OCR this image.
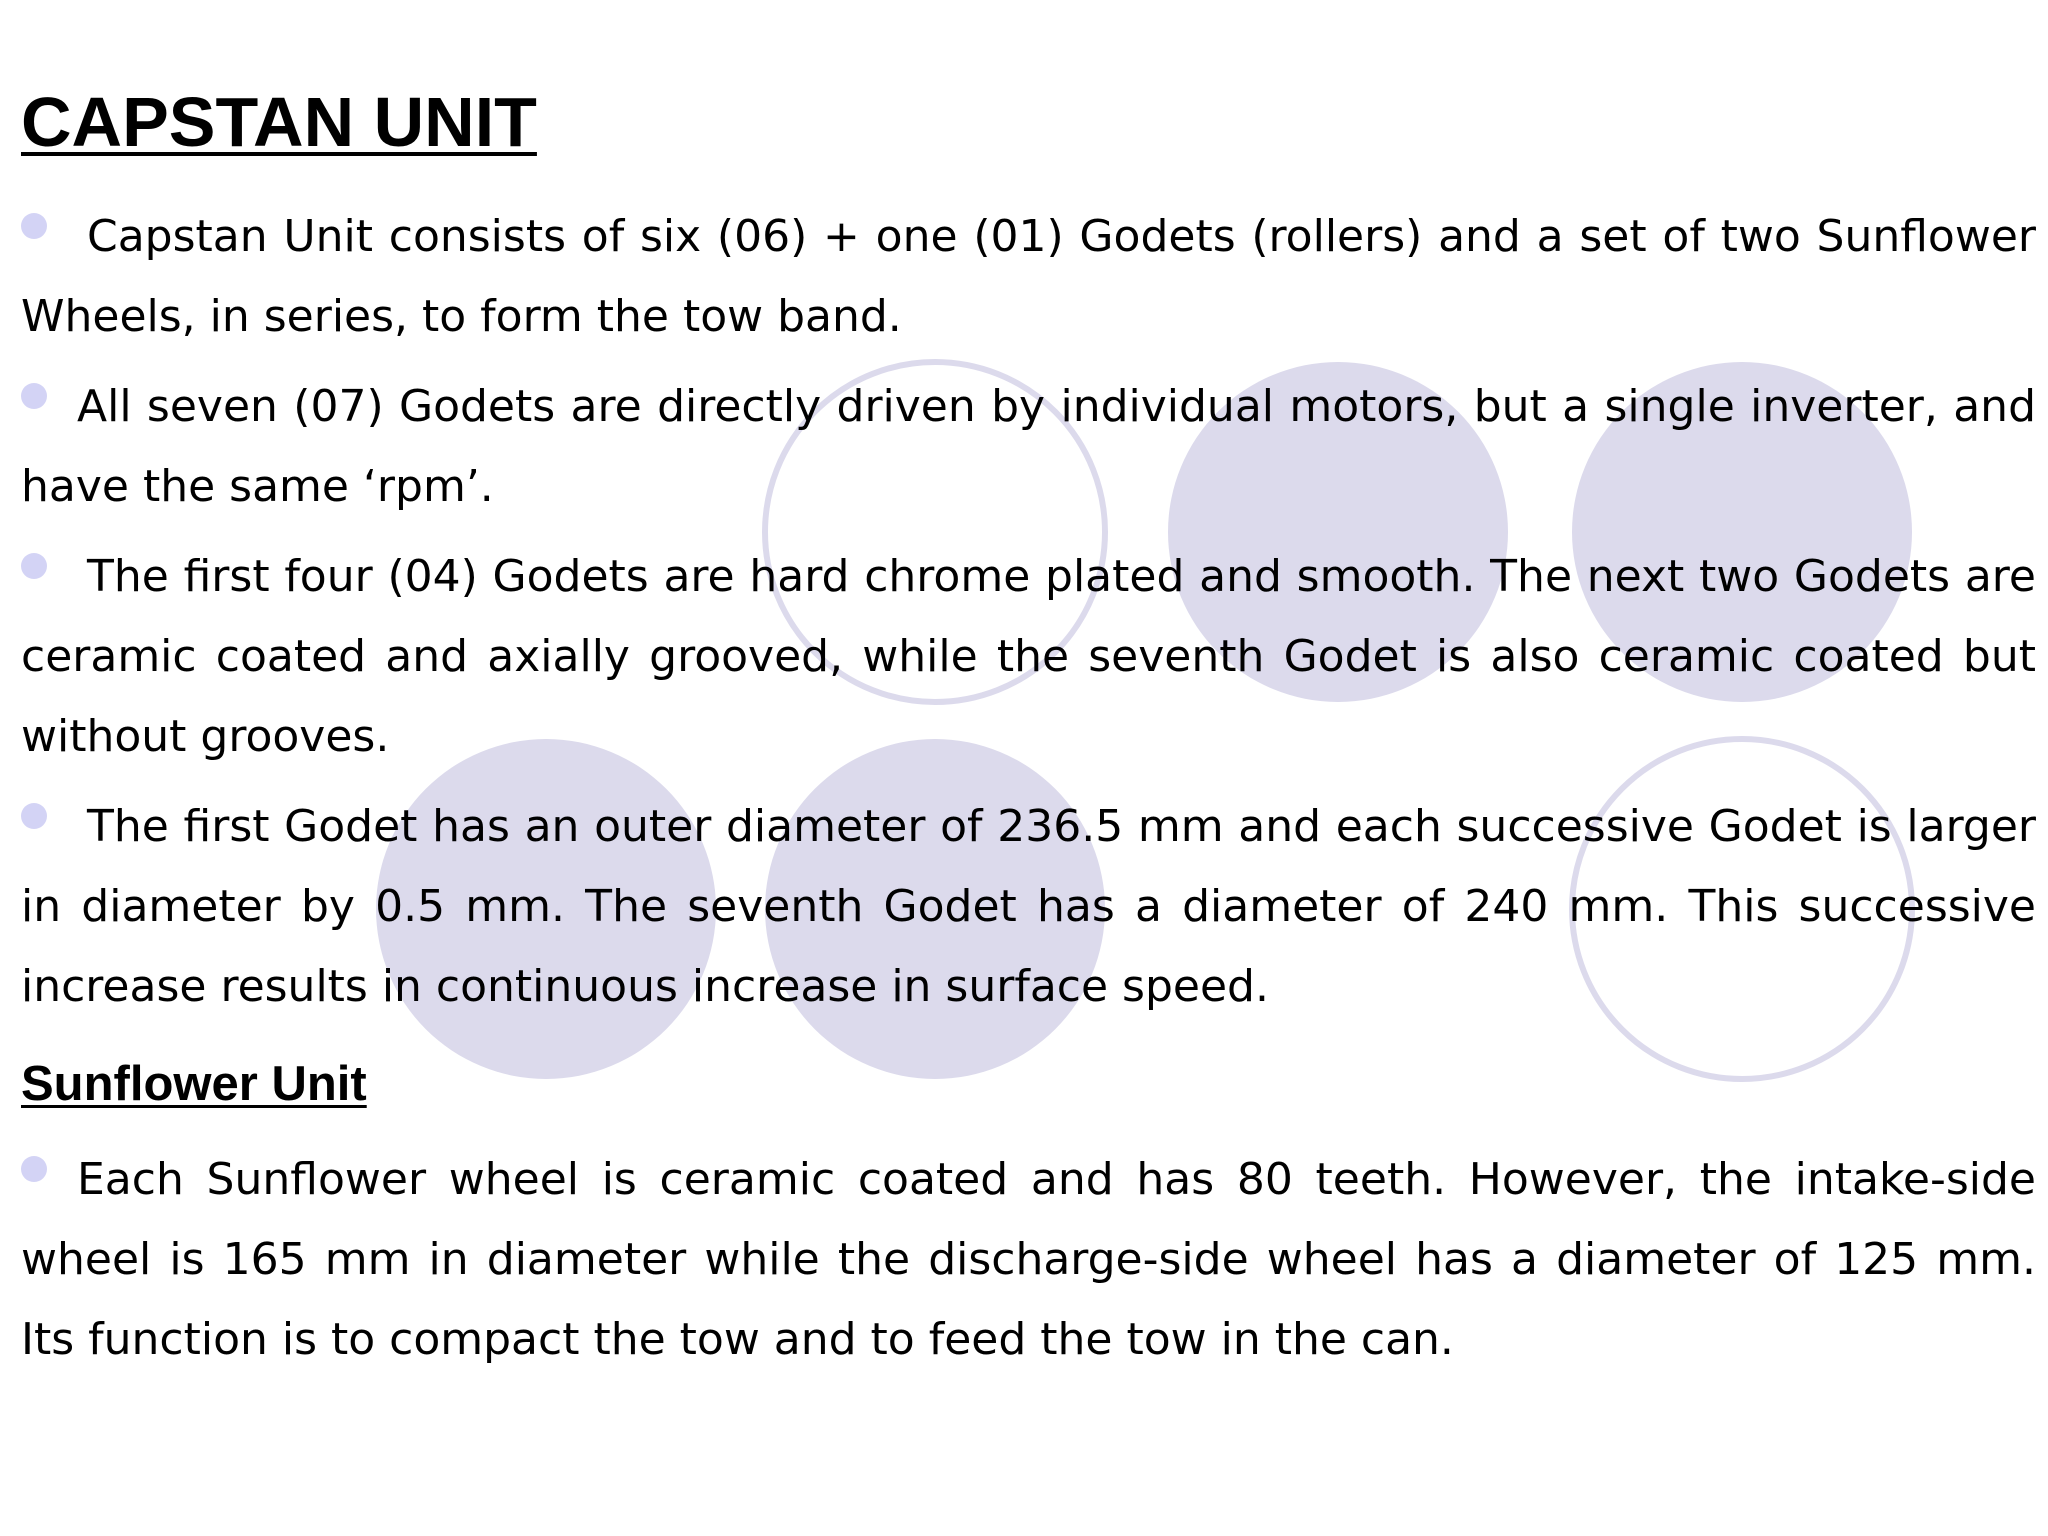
CAPSTAN UNIT

Capstan Unit consists of six (06) + one (01) Godets (rollers) and a set of two Sunflower Wheels, in series, to form the tow band.

All seven (07) Godets are directly driven by individual motors, but a single inverter, and have the same ‘rpm’.

The first four (04) Godets are hard chrome plated and smooth. The next two Godets are ceramic coated and axially grooved, while the seventh Godet is also ceramic coated but without grooves.

The first Godet has an outer diameter of 236.5 mm and each successive Godet is larger in diameter by 0.5 mm. The seventh Godet has a diameter of 240 mm. This successive increase results in continuous increase in surface speed.

Sunflower Unit

Each Sunflower wheel is ceramic coated and has 80 teeth. However, the intake-side wheel is 165 mm in diameter while the discharge-side wheel has a diameter of 125 mm. Its function is to compact the tow and to feed the tow in the can.
